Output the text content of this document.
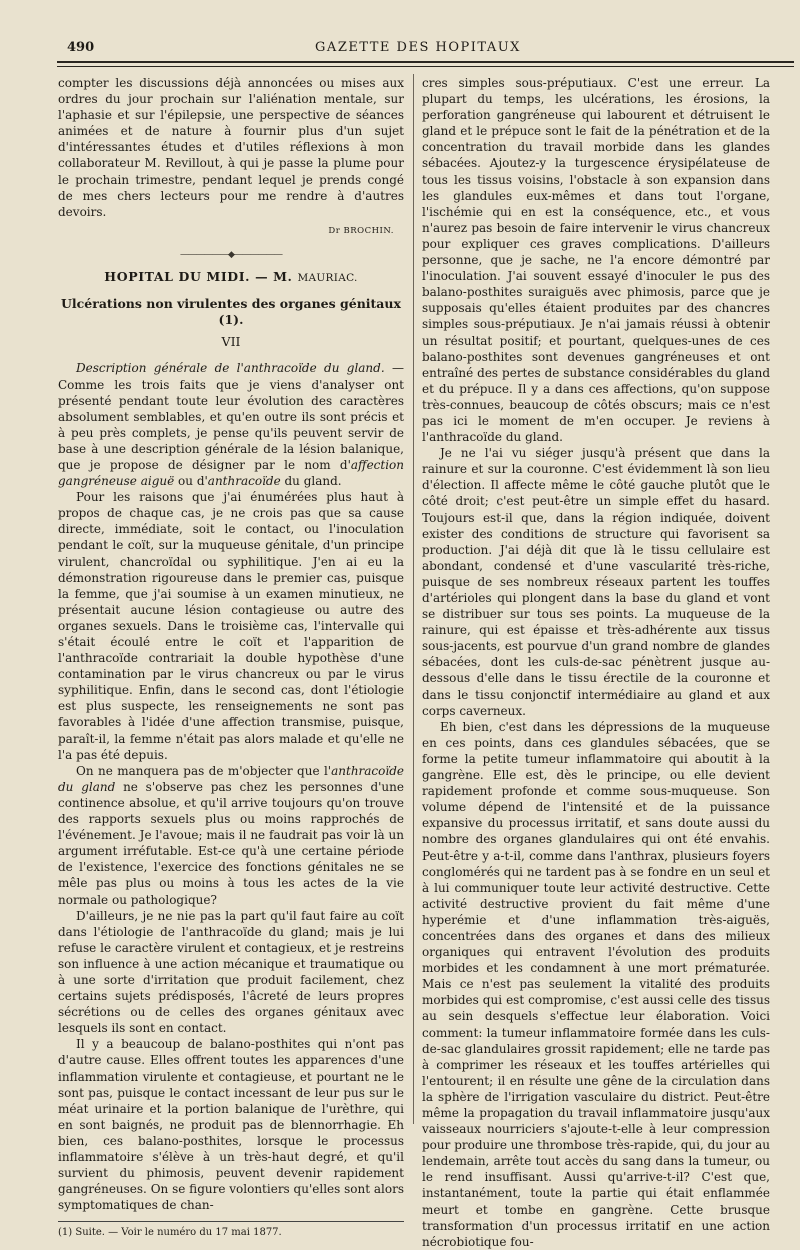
490	GAZETTE DES HOPITAUX

compter les discussions déjà annoncées ou mises aux ordres du jour prochain sur l'aliénation mentale, sur l'aphasie et sur l'épilepsie, une perspective de séances animées et de nature à fournir plus d'un sujet d'intéressantes études et d'utiles réflexions à mon collaborateur M. Revillout, à qui je passe la plume pour le prochain trimestre, pendant lequel je prends congé de mes chers lecteurs pour me rendre à d'autres devoirs.

Dr BROCHIN.
——————◆——————
HOPITAL DU MIDI. — M. MAURIAC.
Ulcérations non virulentes des organes génitaux (1).
VII

Description générale de l'anthracoïde du gland. — Comme les trois faits que je viens d'analyser ont présenté pendant toute leur évolution des caractères absolument semblables, et qu'en outre ils sont précis et à peu près complets, je pense qu'ils peuvent servir de base à une description générale de la lésion balanique, que je propose de désigner par le nom d'affection gangréneuse aiguë ou d'anthracoïde du gland.

Pour les raisons que j'ai énumérées plus haut à propos de chaque cas, je ne crois pas que sa cause directe, immédiate, soit le contact, ou l'inoculation pendant le coït, sur la muqueuse génitale, d'un principe virulent, chancroïdal ou syphilitique. J'en ai eu la démonstration rigoureuse dans le premier cas, puisque la femme, que j'ai soumise à un examen minutieux, ne présentait aucune lésion contagieuse ou autre des organes sexuels. Dans le troisième cas, l'intervalle qui s'était écoulé entre le coït et l'apparition de l'anthracoïde contrariait la double hypothèse d'une contamination par le virus chancreux ou par le virus syphilitique. Enfin, dans le second cas, dont l'étiologie est plus suspecte, les renseignements ne sont pas favorables à l'idée d'une affection transmise, puisque, paraît-il, la femme n'était pas alors malade et qu'elle ne l'a pas été depuis.

On ne manquera pas de m'objecter que l'anthracoïde du gland ne s'observe pas chez les personnes d'une continence absolue, et qu'il arrive toujours qu'on trouve des rapports sexuels plus ou moins rapprochés de l'événement. Je l'avoue; mais il ne faudrait pas voir là un argument irréfutable. Est-ce qu'à une certaine période de l'existence, l'exercice des fonctions génitales ne se mêle pas plus ou moins à tous les actes de la vie normale ou pathologique?

D'ailleurs, je ne nie pas la part qu'il faut faire au coït dans l'étiologie de l'anthracoïde du gland; mais je lui refuse le caractère virulent et contagieux, et je restreins son influence à une action mécanique et traumatique ou à une sorte d'irritation que produit facilement, chez certains sujets prédisposés, l'âcreté de leurs propres sécrétions ou de celles des organes génitaux avec lesquels ils sont en contact.

Il y a beaucoup de balano-posthites qui n'ont pas d'autre cause. Elles offrent toutes les apparences d'une inflammation virulente et contagieuse, et pourtant ne le sont pas, puisque le contact incessant de leur pus sur le méat urinaire et la portion balanique de l'urèthre, qui en sont baignés, ne produit pas de blennorrhagie. Eh bien, ces balano-posthites, lorsque le processus inflammatoire s'élève à un très-haut degré, et qu'il survient du phimosis, peuvent devenir rapidement gangréneuses. On se figure volontiers qu'elles sont alors symptomatiques de chan-

(1) Suite. — Voir le numéro du 17 mai 1877.

cres simples sous-préputiaux. C'est une erreur. La plupart du temps, les ulcérations, les érosions, la perforation gangréneuse qui labourent et détruisent le gland et le prépuce sont le fait de la pénétration et de la concentration du travail morbide dans les glandes sébacées. Ajoutez-y la turgescence érysipélateuse de tous les tissus voisins, l'obstacle à son expansion dans les glandules eux-mêmes et dans tout l'organe, l'ischémie qui en est la conséquence, etc., et vous n'aurez pas besoin de faire intervenir le virus chancreux pour expliquer ces graves complications. D'ailleurs personne, que je sache, ne l'a encore démontré par l'inoculation. J'ai souvent essayé d'inoculer le pus des balano-posthites suraiguës avec phimosis, parce que je supposais qu'elles étaient produites par des chancres simples sous-préputiaux. Je n'ai jamais réussi à obtenir un résultat positif; et pourtant, quelques-unes de ces balano-posthites sont devenues gangréneuses et ont entraîné des pertes de substance considérables du gland et du prépuce. Il y a dans ces affections, qu'on suppose très-connues, beaucoup de côtés obscurs; mais ce n'est pas ici le moment de m'en occuper. Je reviens à l'anthracoïde du gland.

Je ne l'ai vu siéger jusqu'à présent que dans la rainure et sur la couronne. C'est évidemment là son lieu d'élection. Il affecte même le côté gauche plutôt que le côté droit; c'est peut-être un simple effet du hasard. Toujours est-il que, dans la région indiquée, doivent exister des conditions de structure qui favorisent sa production. J'ai déjà dit que là le tissu cellulaire est abondant, condensé et d'une vascularité très-riche, puisque de ses nombreux réseaux partent les touffes d'artérioles qui plongent dans la base du gland et vont se distribuer sur tous ses points. La muqueuse de la rainure, qui est épaisse et très-adhérente aux tissus sous-jacents, est pourvue d'un grand nombre de glandes sébacées, dont les culs-de-sac pénètrent jusque au-dessous d'elle dans le tissu érectile de la couronne et dans le tissu conjonctif intermédiaire au gland et aux corps caverneux.

Eh bien, c'est dans les dépressions de la muqueuse en ces points, dans ces glandules sébacées, que se forme la petite tumeur inflammatoire qui aboutit à la gangrène. Elle est, dès le principe, ou elle devient rapidement profonde et comme sous-muqueuse. Son volume dépend de l'intensité et de la puissance expansive du processus irritatif, et sans doute aussi du nombre des organes glandulaires qui ont été envahis. Peut-être y a-t-il, comme dans l'anthrax, plusieurs foyers conglomérés qui ne tardent pas à se fondre en un seul et à lui communiquer toute leur activité destructive. Cette activité destructive provient du fait même d'une hyperémie et d'une inflammation très-aiguës, concentrées dans des organes et dans des milieux organiques qui entravent l'évolution des produits morbides et les condamnent à une mort prématurée. Mais ce n'est pas seulement la vitalité des produits morbides qui est compromise, c'est aussi celle des tissus au sein desquels s'effectue leur élaboration. Voici comment: la tumeur inflammatoire formée dans les culs-de-sac glandulaires grossit rapidement; elle ne tarde pas à comprimer les réseaux et les touffes artérielles qui l'entourent; il en résulte une gêne de la circulation dans la sphère de l'irrigation vasculaire du district. Peut-être même la propagation du travail inflammatoire jusqu'aux vaisseaux nourriciers s'ajoute-t-elle à leur compression pour produire une thrombose très-rapide, qui, du jour au lendemain, arrête tout accès du sang dans la tumeur, ou le rend insuffisant. Aussi qu'arrive-t-il? C'est que, instantanément, toute la partie qui était enflammée meurt et tombe en gangrène. Cette brusque transformation d'un processus irritatif en une action nécrobiotique fou-
